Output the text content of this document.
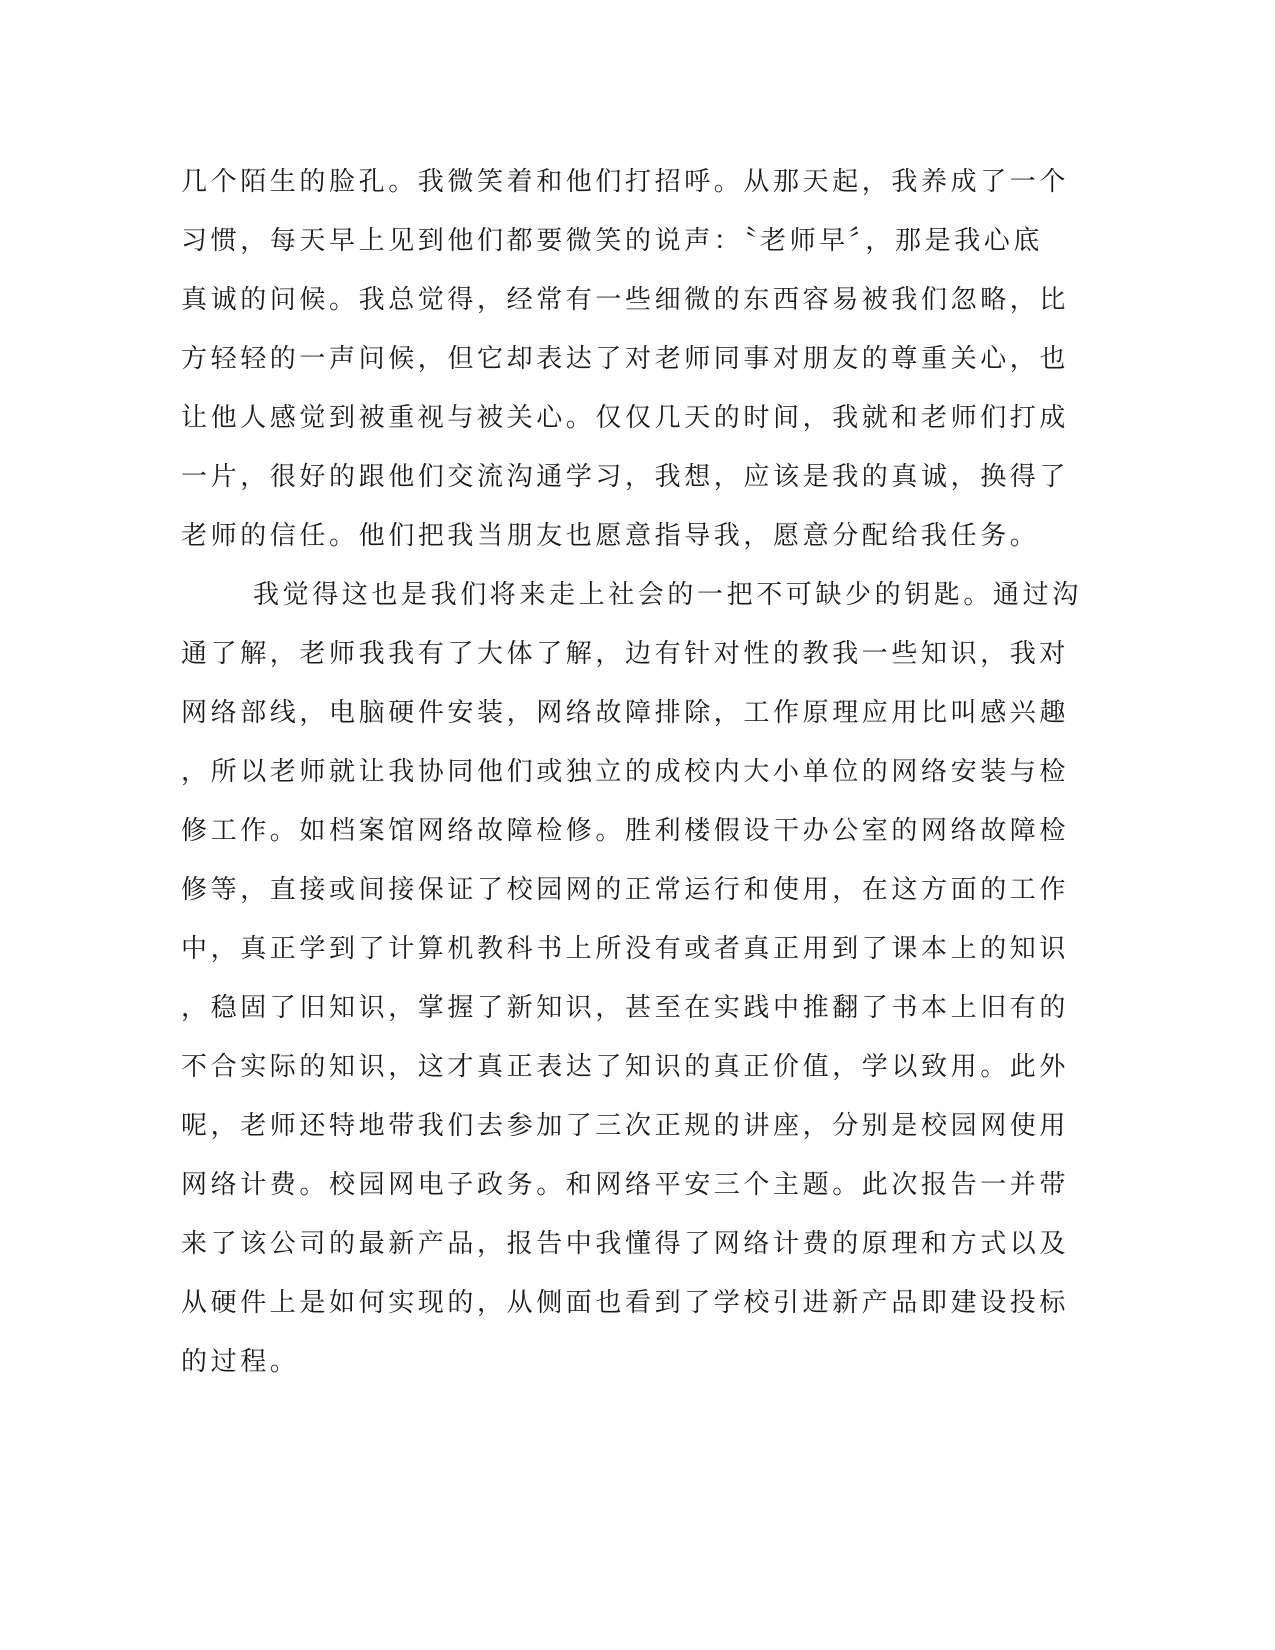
几个陌生的脸孔。我微笑着和他们打招呼。从那天起，我养成了一个
习惯，每天早上见到他们都要微笑的说声：〝老师早〞，那是我心底
真诚的问候。我总觉得，经常有一些细微的东西容易被我们忽略，比
方轻轻的一声问候，但它却表达了对老师同事对朋友的尊重关心，也
让他人感觉到被重视与被关心。仅仅几天的时间，我就和老师们打成
一片，很好的跟他们交流沟通学习，我想，应该是我的真诚，换得了
老师的信任。他们把我当朋友也愿意指导我，愿意分配给我任务。
我觉得这也是我们将来走上社会的一把不可缺少的钥匙。通过沟
通了解，老师我我有了大体了解，边有针对性的教我一些知识，我对
网络部线，电脑硬件安装，网络故障排除，工作原理应用比叫感兴趣
，所以老师就让我协同他们或独立的成校内大小单位的网络安装与检
修工作。如档案馆网络故障检修。胜利楼假设干办公室的网络故障检
修等，直接或间接保证了校园网的正常运行和使用，在这方面的工作
中，真正学到了计算机教科书上所没有或者真正用到了课本上的知识
，稳固了旧知识，掌握了新知识，甚至在实践中推翻了书本上旧有的
不合实际的知识，这才真正表达了知识的真正价值，学以致用。此外
呢，老师还特地带我们去参加了三次正规的讲座，分别是校园网使用
网络计费。校园网电子政务。和网络平安三个主题。此次报告一并带
来了该公司的最新产品，报告中我懂得了网络计费的原理和方式以及
从硬件上是如何实现的，从侧面也看到了学校引进新产品即建设投标
的过程。
